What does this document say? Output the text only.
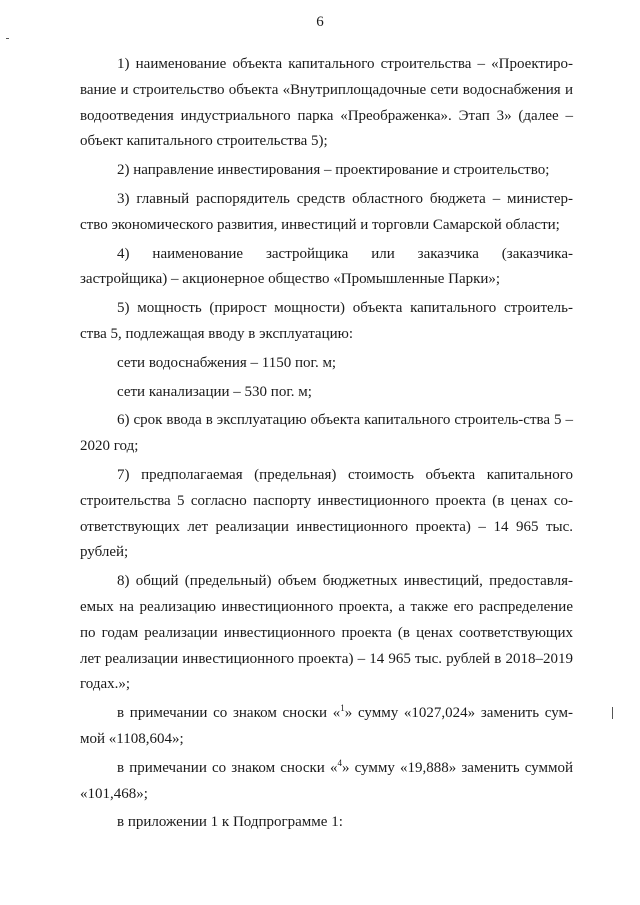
6

1) наименование объекта капитального строительства – «Проектиро-вание и строительство объекта «Внутриплощадочные сети водоснабжения и водоотведения индустриального парка «Преображенка». Этап 3» (далее – объект капитального строительства 5);

2) направление инвестирования – проектирование и строительство;

3) главный распорядитель средств областного бюджета – министер-ство экономического развития, инвестиций и торговли Самарской области;

4) наименование застройщика или заказчика (заказчика-

застройщика) – акционерное общество «Промышленные Парки»;

5) мощность (прирост мощности) объекта капитального строитель-ства 5, подлежащая вводу в эксплуатацию:

сети водоснабжения – 1150 пог. м;

сети канализации – 530 пог. м;

6) срок ввода в эксплуатацию объекта капитального строитель-ства 5 – 2020 год;

7) предполагаемая (предельная) стоимость объекта капитального строительства 5 согласно паспорту инвестиционного проекта (в ценах со-ответствующих лет реализации инвестиционного проекта) – 14 965 тыс. рублей;

8) общий (предельный) объем бюджетных инвестиций, предоставля-емых на реализацию инвестиционного проекта, а также его распределение по годам реализации инвестиционного проекта (в ценах соответствующих лет реализации инвестиционного проекта) – 14 965 тыс. рублей в 2018–2019 годах.»;

в примечании со знаком сноски «$^1$» сумму «1027,024» заменить сум-мой «1108,604»;

в примечании со знаком сноски «$^4$» сумму «19,888» заменить суммой «101,468»;

в приложении 1 к Подпрограмме 1:
